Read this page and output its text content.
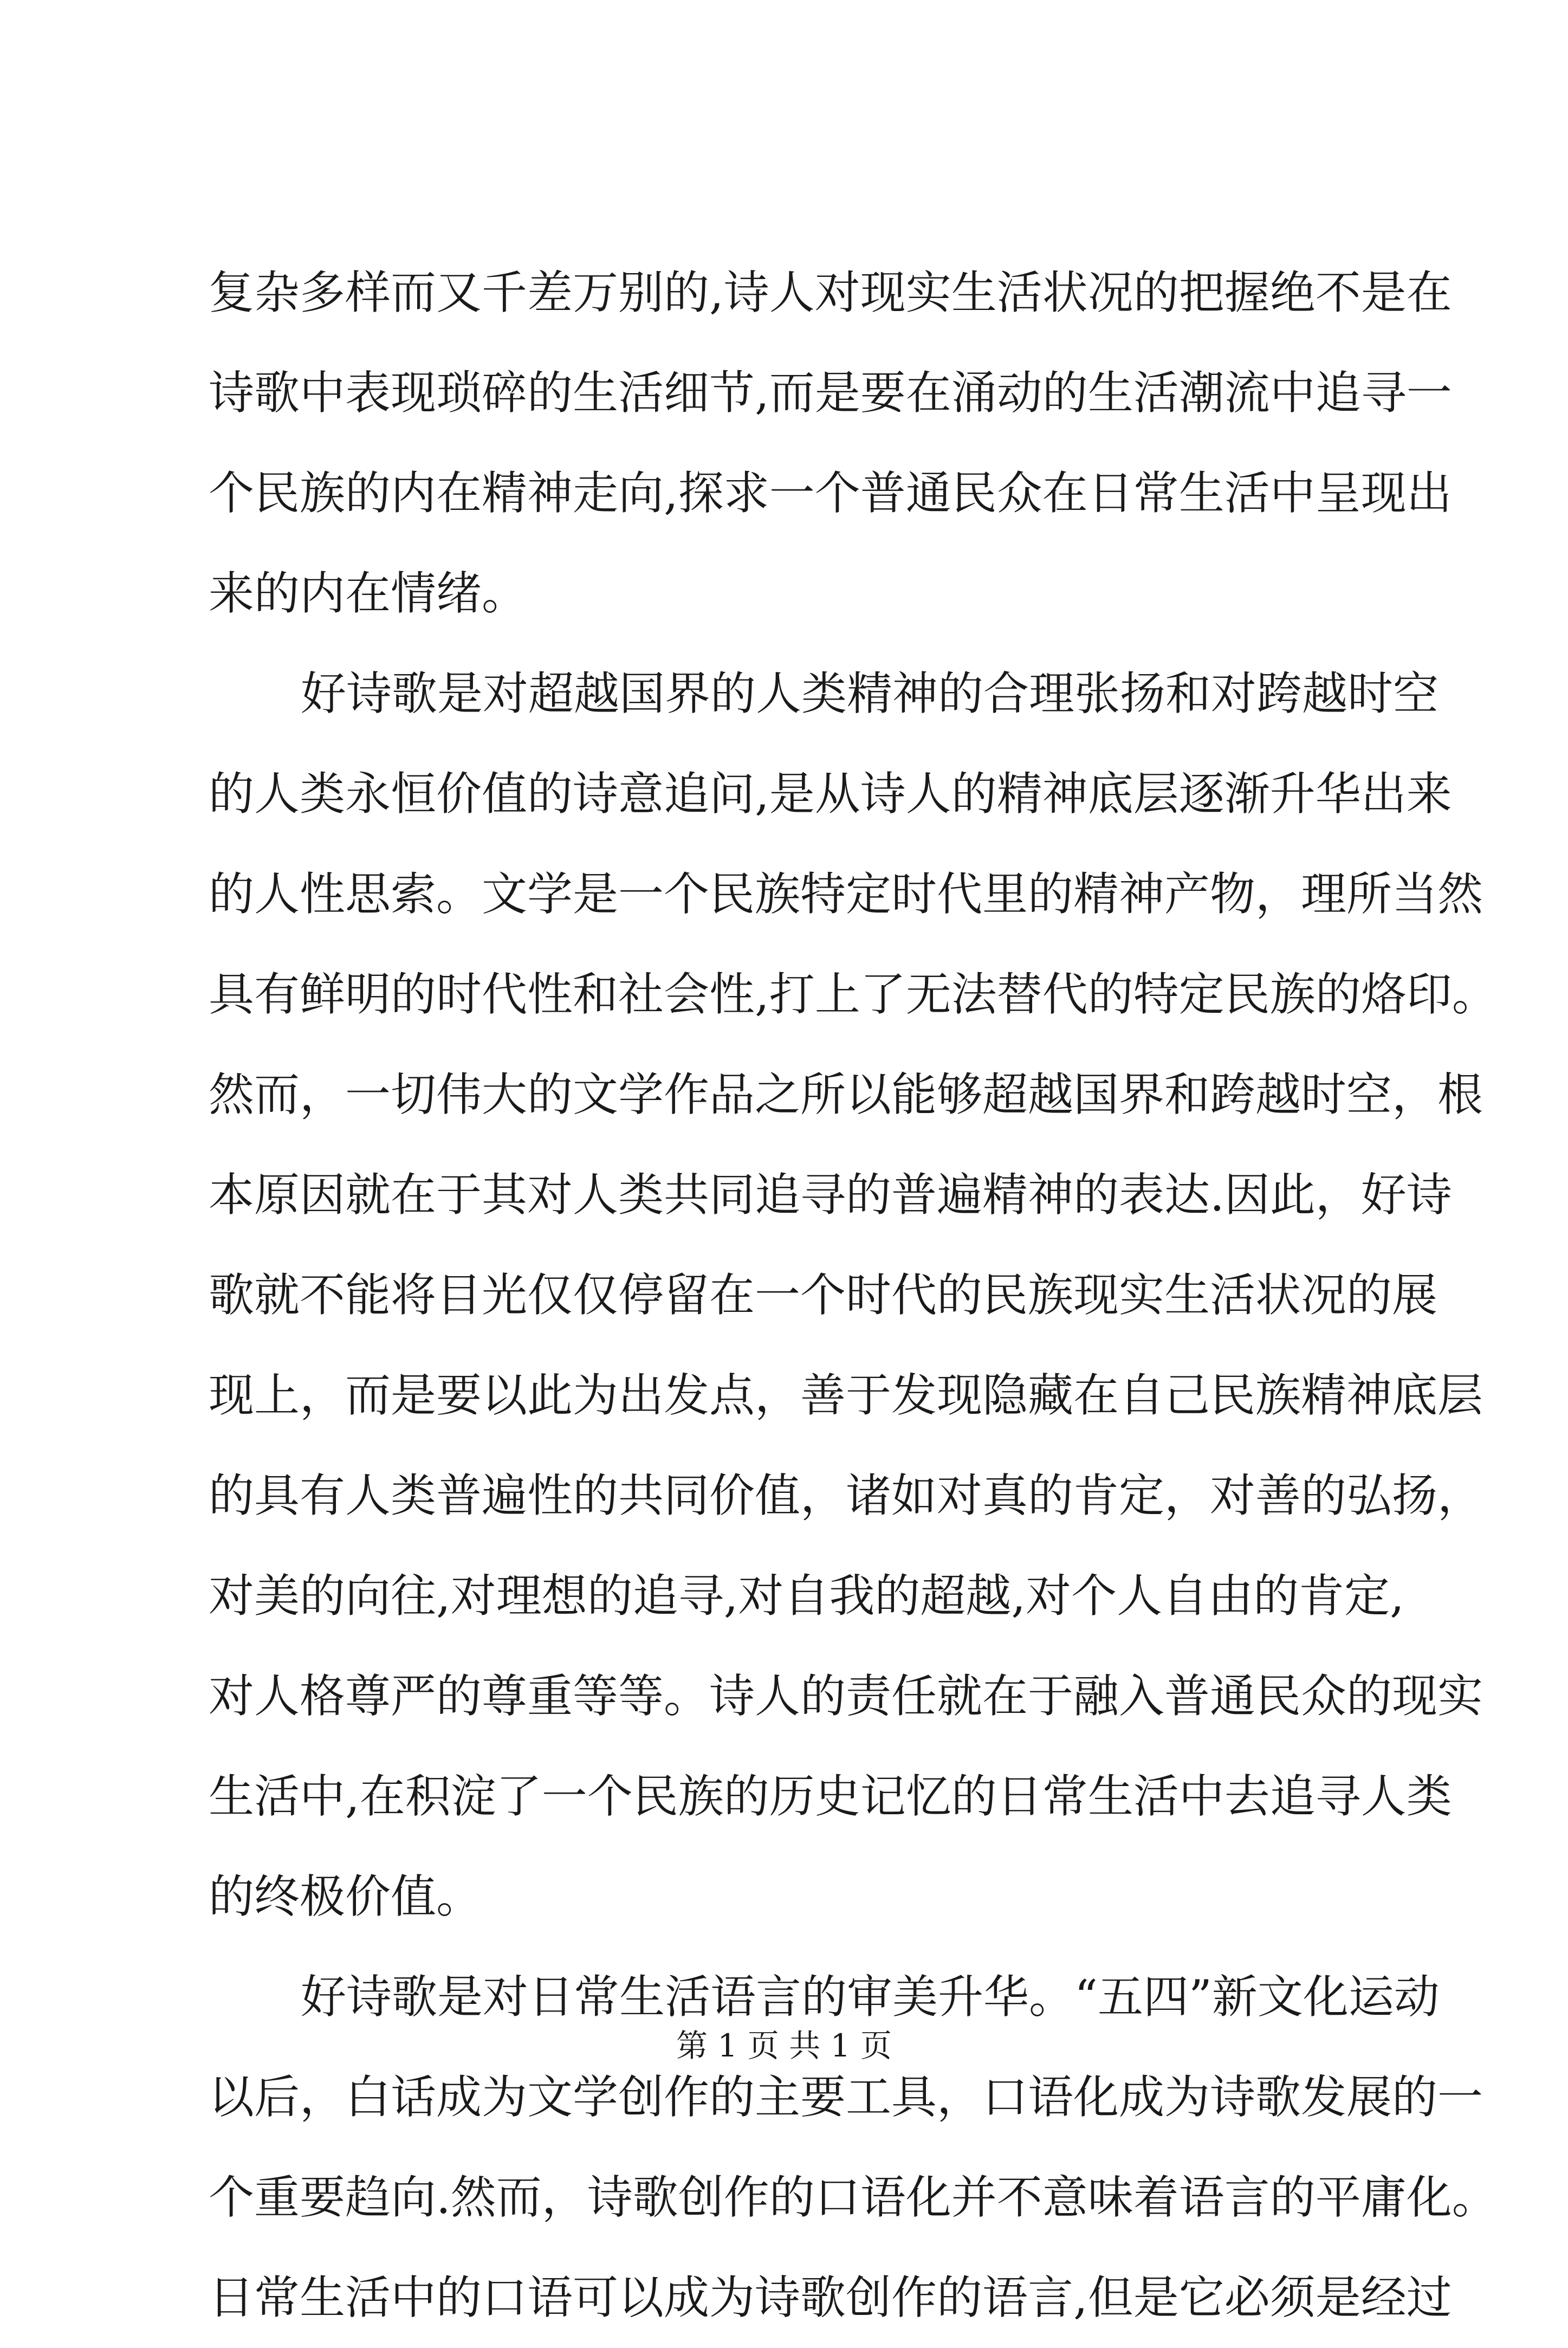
复杂多样而又千差万别的,诗人对现实生活状况的把握绝不是在
诗歌中表现琐碎的生活细节,而是要在涌动的生活潮流中追寻一
个民族的内在精神走向,探求一个普通民众在日常生活中呈现出
来的内在情绪。
好诗歌是对超越国界的人类精神的合理张扬和对跨越时空
的人类永恒价值的诗意追问,是从诗人的精神底层逐渐升华出来
的人性思索。文学是一个民族特定时代里的精神产物，理所当然
具有鲜明的时代性和社会性,打上了无法替代的特定民族的烙印。
然而，一切伟大的文学作品之所以能够超越国界和跨越时空，根
本原因就在于其对人类共同追寻的普遍精神的表达.因此，好诗
歌就不能将目光仅仅停留在一个时代的民族现实生活状况的展
现上，而是要以此为出发点，善于发现隐藏在自己民族精神底层
的具有人类普遍性的共同价值，诸如对真的肯定，对善的弘扬，
对美的向往,对理想的追寻,对自我的超越,对个人自由的肯定,
对人格尊严的尊重等等。诗人的责任就在于融入普通民众的现实
生活中,在积淀了一个民族的历史记忆的日常生活中去追寻人类
的终极价值。
好诗歌是对日常生活语言的审美升华。“五四”新文化运动
以后，白话成为文学创作的主要工具，口语化成为诗歌发展的一
个重要趋向.然而，诗歌创作的口语化并不意味着语言的平庸化。
日常生活中的口语可以成为诗歌创作的语言,但是它必须是经过
第 1 页 共 1 页
